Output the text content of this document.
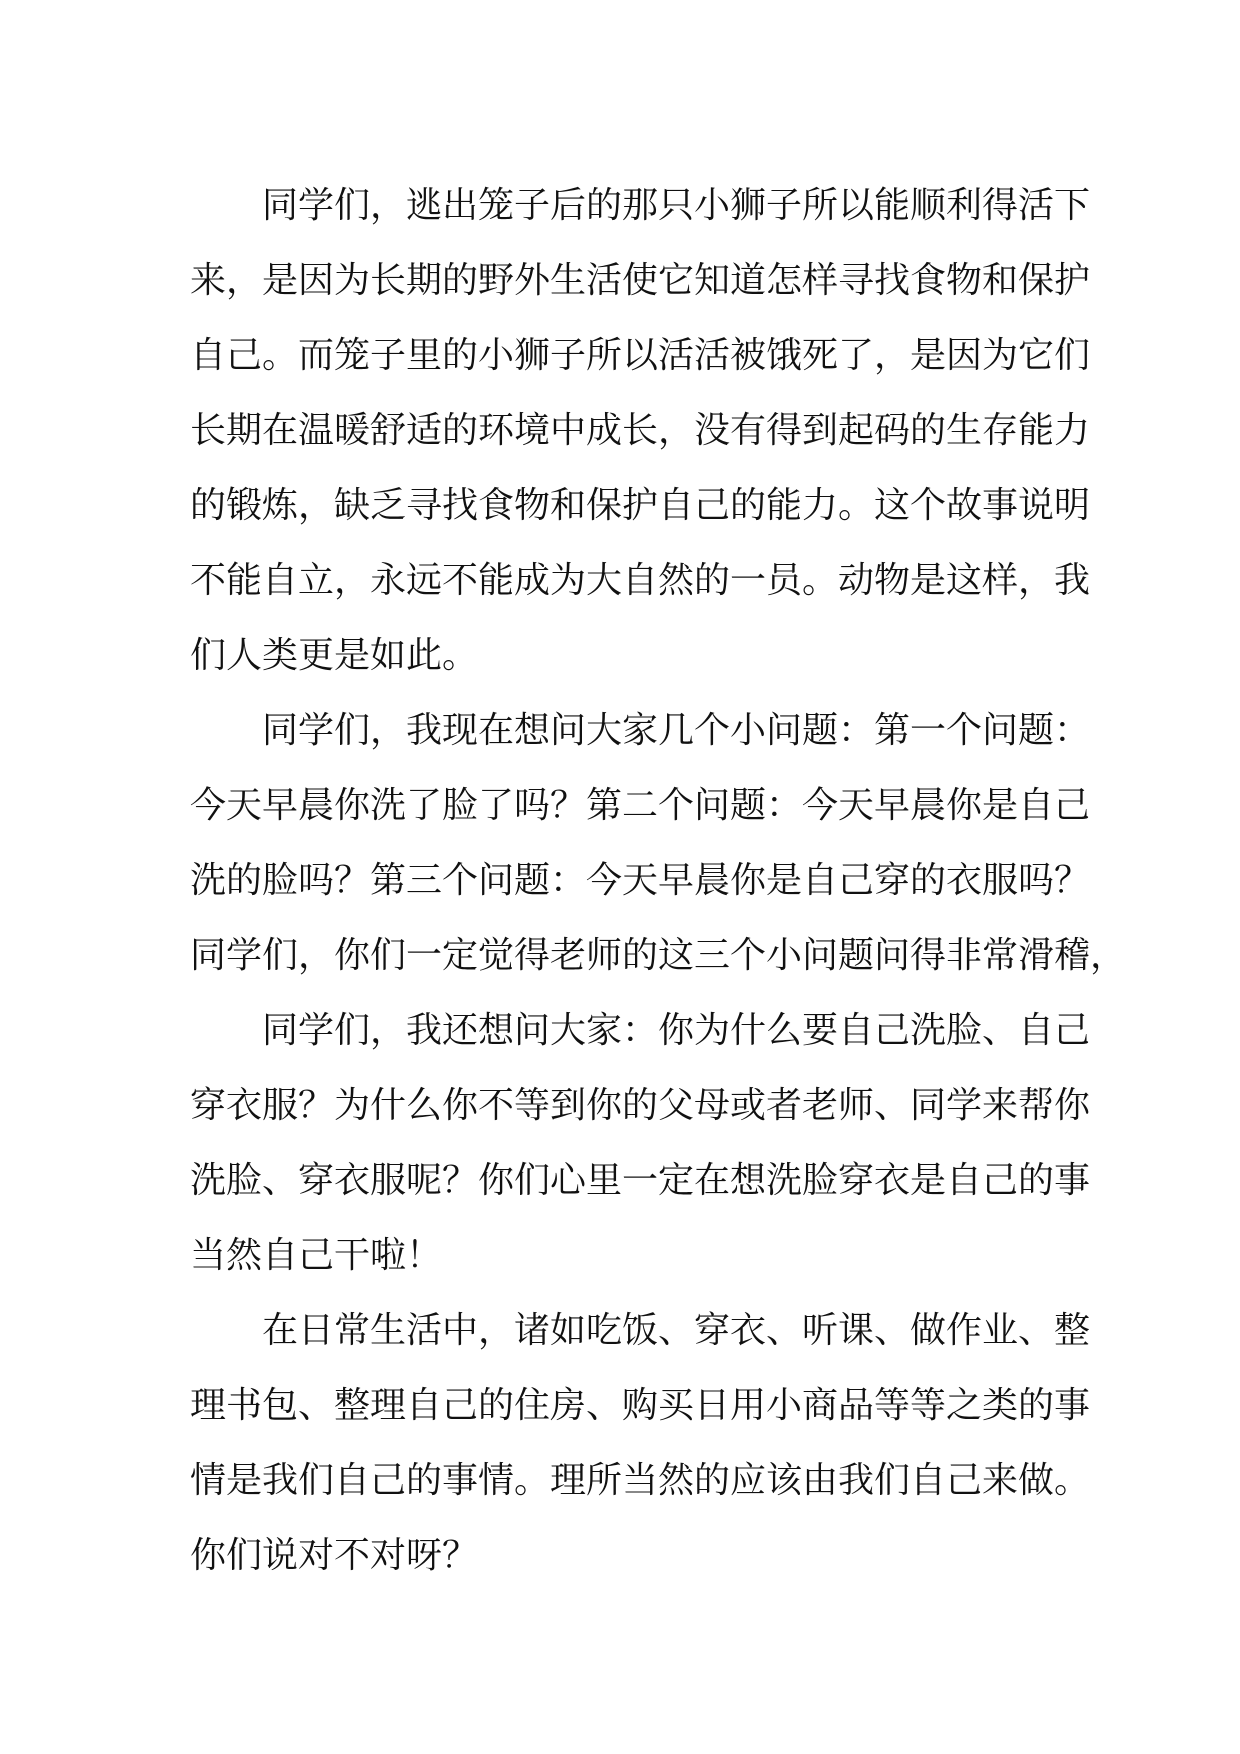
同学们，逃出笼子后的那只小狮子所以能顺利得活下
来，是因为长期的野外生活使它知道怎样寻找食物和保护
自己。而笼子里的小狮子所以活活被饿死了，是因为它们
长期在温暖舒适的环境中成长，没有得到起码的生存能力
的锻炼，缺乏寻找食物和保护自己的能力。这个故事说明
不能自立，永远不能成为大自然的一员。动物是这样，我
们人类更是如此。
同学们，我现在想问大家几个小问题：第一个问题：
今天早晨你洗了脸了吗？第二个问题：今天早晨你是自己
洗的脸吗？第三个问题：今天早晨你是自己穿的衣服吗？
同学们，你们一定觉得老师的这三个小问题问得非常滑稽，
同学们，我还想问大家：你为什么要自己洗脸、自己
穿衣服？为什么你不等到你的父母或者老师、同学来帮你
洗脸、穿衣服呢？你们心里一定在想洗脸穿衣是自己的事
当然自己干啦！
在日常生活中，诸如吃饭、穿衣、听课、做作业、整
理书包、整理自己的住房、购买日用小商品等等之类的事
情是我们自己的事情。理所当然的应该由我们自己来做。
你们说对不对呀？
